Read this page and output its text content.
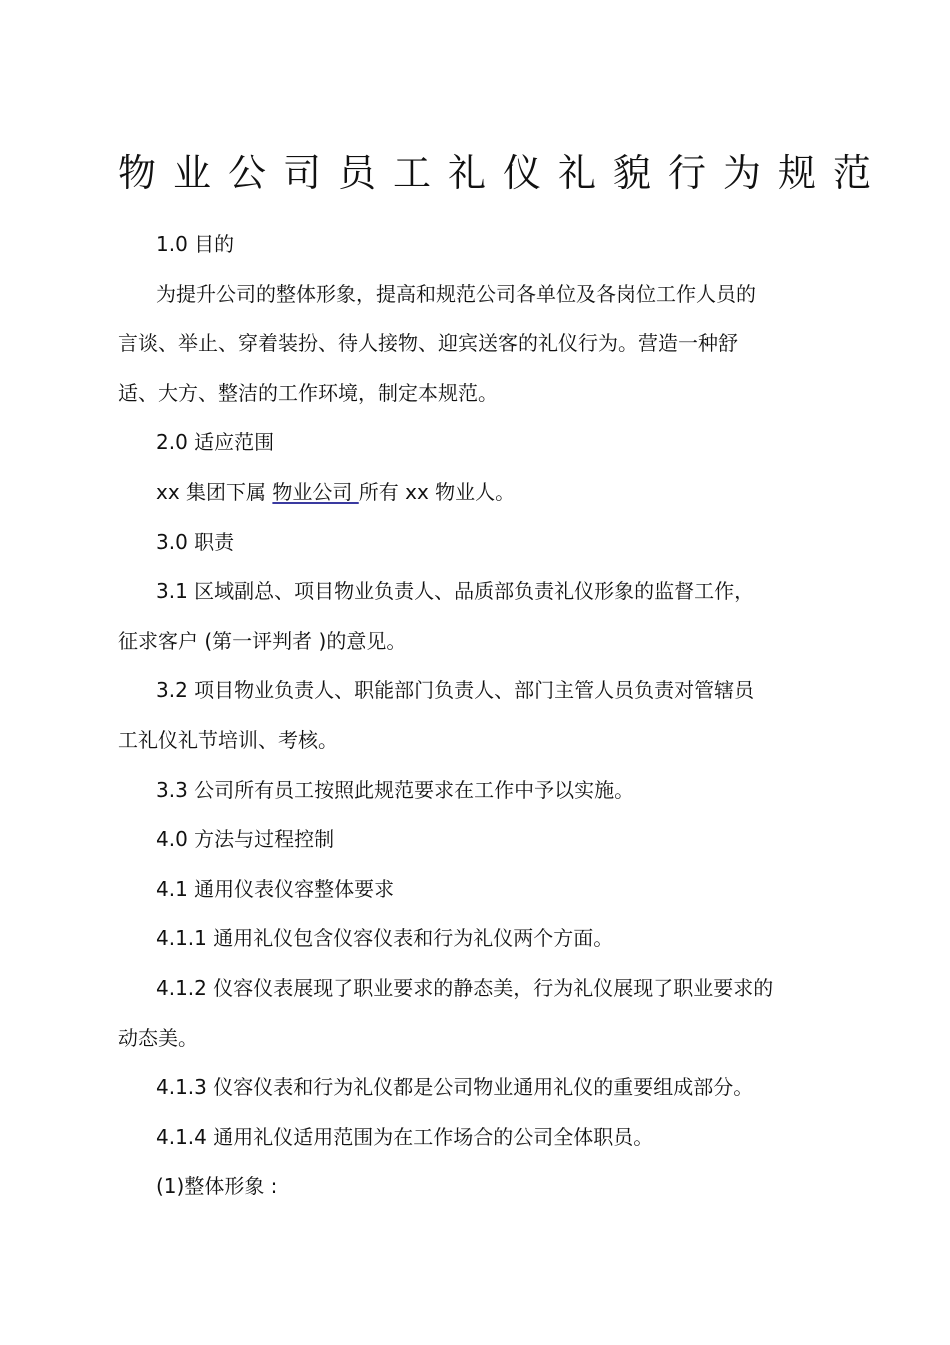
物业公司员工礼仪礼貌行为规范

1.0 目的

为提升公司的整体形象，提高和规范公司各单位及各岗位工作人员的

言谈、举止、穿着装扮、待人接物、迎宾送客的礼仪行为。营造一种舒

适、大方、整洁的工作环境，制定本规范。

2.0 适应范围

xx 集团下属 物业公司 所有 xx 物业人。

3.0 职责

3.1 区域副总、项目物业负责人、品质部负责礼仪形象的监督工作，

征求客户 (第一评判者 )的意见。

3.2 项目物业负责人、职能部门负责人、部门主管人员负责对管辖员

工礼仪礼节培训、考核。

3.3 公司所有员工按照此规范要求在工作中予以实施。

4.0 方法与过程控制

4.1 通用仪表仪容整体要求

4.1.1 通用礼仪包含仪容仪表和行为礼仪两个方面。

4.1.2 仪容仪表展现了职业要求的静态美，行为礼仪展现了职业要求的

动态美。

4.1.3 仪容仪表和行为礼仪都是公司物业通用礼仪的重要组成部分。

4.1.4 通用礼仪适用范围为在工作场合的公司全体职员。

(1)整体形象 :
